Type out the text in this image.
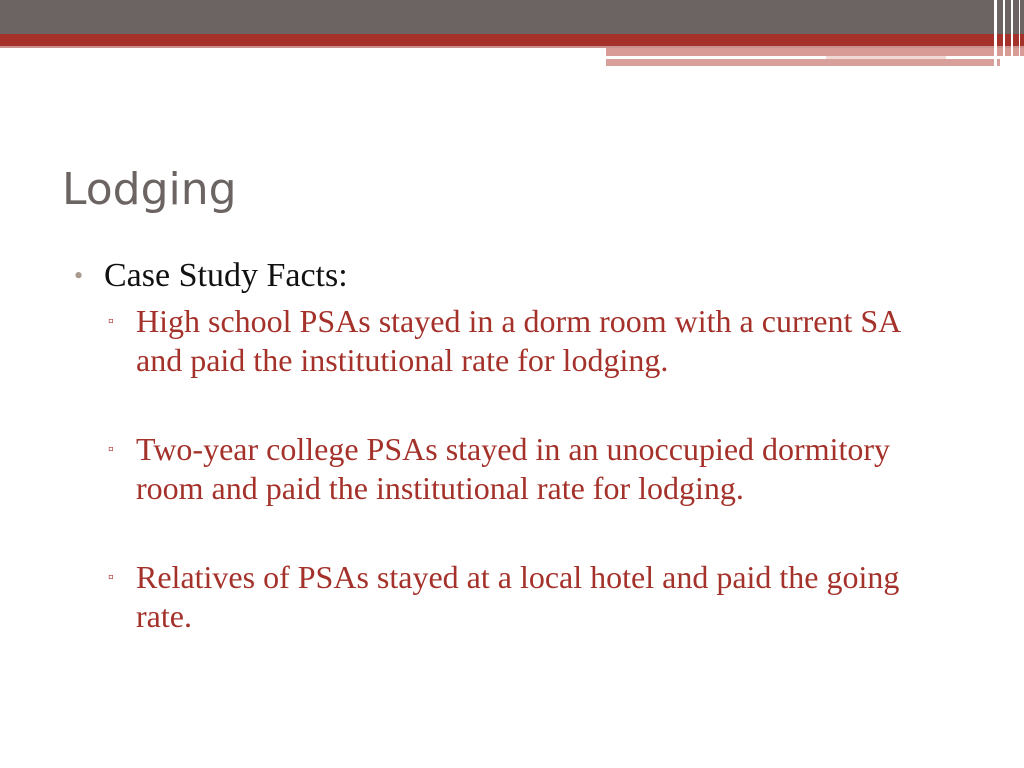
Lodging
• Case Study Facts:
▫ High school PSAs stayed in a dorm room with a current SA and paid the institutional rate for lodging.
▫ Two-year college PSAs stayed in an unoccupied dormitory room and paid the institutional rate for lodging.
▫ Relatives of PSAs stayed at a local hotel and paid the going rate.
